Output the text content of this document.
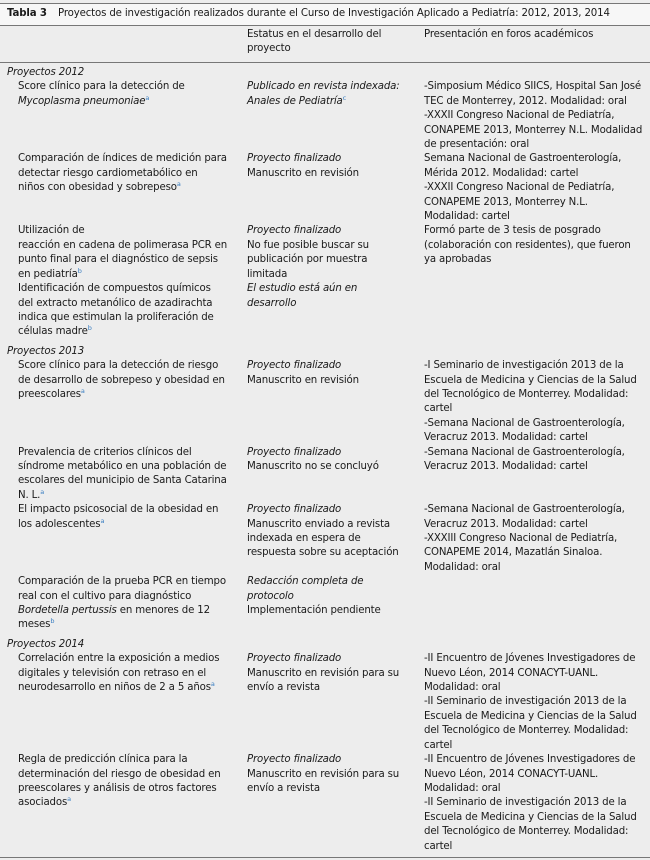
Tabla 3 Proyectos de investigación realizados durante el Curso de Investigación Aplicado a Pediatría: 2012, 2013, 2014
Estatus en el desarrollo del
proyecto
Presentación en foros académicos
Proyectos 2012
Score clínico para la detección de
Mycoplasma pneumoniae$^a$
Publicado en revista indexada:
Anales de Pediatría$^c$
-Simposium Médico SIICS, Hospital San José
TEC de Monterrey, 2012. Modalidad: oral
-XXXII Congreso Nacional de Pediatría,
CONAPEME 2013, Monterrey N.L. Modalidad
de presentación: oral
Comparación de índices de medición para
detectar riesgo cardiometabólico en
niños con obesidad y sobrepeso$^a$
Proyecto finalizado
Manuscrito en revisión
Semana Nacional de Gastroenterología,
Mérida 2012. Modalidad: cartel
-XXXII Congreso Nacional de Pediatría,
CONAPEME 2013, Monterrey N.L.
Modalidad: cartel
Utilización de
reacción en cadena de polimerasa PCR en
punto final para el diagnóstico de sepsis
en pediatría$^b$
Proyecto finalizado
No fue posible buscar su
publicación por muestra
limitada
Formó parte de 3 tesis de posgrado
(colaboración con residentes), que fueron
ya aprobadas
Identificación de compuestos químicos
del extracto metanólico de azadirachta
indica que estimulan la proliferación de
células madre$^b$
El estudio está aún en
desarrollo
Proyectos 2013
Score clínico para la detección de riesgo
de desarrollo de sobrepeso y obesidad en
preescolares$^a$
Proyecto finalizado
Manuscrito en revisión
-I Seminario de investigación 2013 de la
Escuela de Medicina y Ciencias de la Salud
del Tecnológico de Monterrey. Modalidad:
cartel
-Semana Nacional de Gastroenterología,
Veracruz 2013. Modalidad: cartel
Prevalencia de criterios clínicos del
síndrome metabólico en una población de
escolares del municipio de Santa Catarina
N. L.$^a$
Proyecto finalizado
Manuscrito no se concluyó
-Semana Nacional de Gastroenterología,
Veracruz 2013. Modalidad: cartel
El impacto psicosocial de la obesidad en
los adolescentes$^a$
Proyecto finalizado
Manuscrito enviado a revista
indexada en espera de
respuesta sobre su aceptación
-Semana Nacional de Gastroenterología,
Veracruz 2013. Modalidad: cartel
-XXXIII Congreso Nacional de Pediatría,
CONAPEME 2014, Mazatlán Sinaloa.
Modalidad: oral
Comparación de la prueba PCR en tiempo
real con el cultivo para diagnóstico
Bordetella pertussis en menores de 12
meses$^b$
Redacción completa de
protocolo
Implementación pendiente
Proyectos 2014
Correlación entre la exposición a medios
digitales y televisión con retraso en el
neurodesarrollo en niños de 2 a 5 años$^a$
Proyecto finalizado
Manuscrito en revisión para su
envío a revista
-II Encuentro de Jóvenes Investigadores de
Nuevo Léon, 2014 CONACYT-UANL.
Modalidad: oral
-II Seminario de investigación 2013 de la
Escuela de Medicina y Ciencias de la Salud
del Tecnológico de Monterrey. Modalidad:
cartel
Regla de predicción clínica para la
determinación del riesgo de obesidad en
preescolares y análisis de otros factores
asociados$^a$
Proyecto finalizado
Manuscrito en revisión para su
envío a revista
-II Encuentro de Jóvenes Investigadores de
Nuevo Léon, 2014 CONACYT-UANL.
Modalidad: oral
-II Seminario de investigación 2013 de la
Escuela de Medicina y Ciencias de la Salud
del Tecnológico de Monterrey. Modalidad:
cartel
